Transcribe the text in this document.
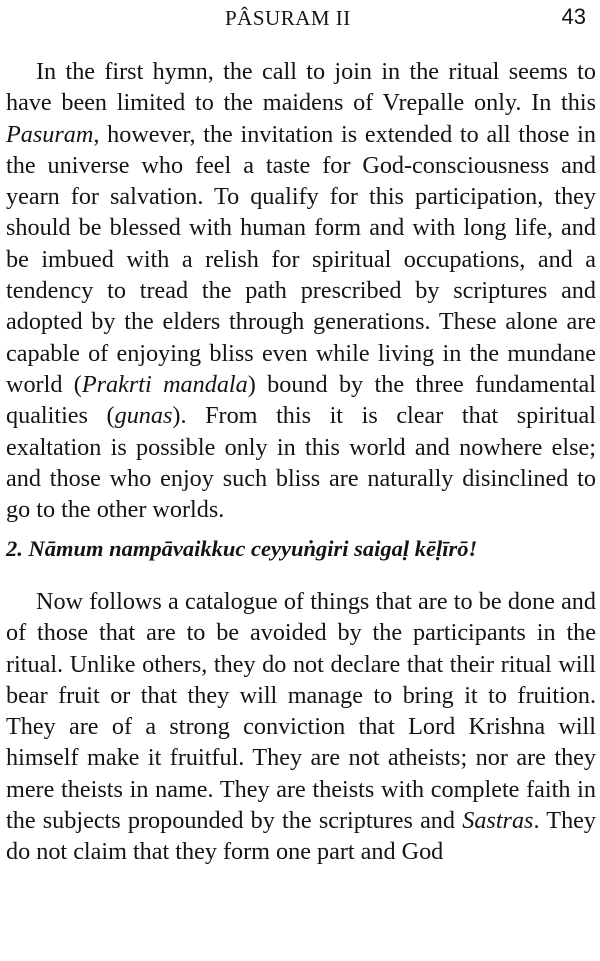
PÂSURAM II	43

In the first hymn, the call to join in the ritual seems to have been limited to the maidens of Vrepalle only. In this Pasuram, however, the invitation is extended to all those in the universe who feel a taste for God-consciousness and yearn for salvation. To qualify for this participation, they should be blessed with human form and with long life, and be imbued with a relish for spiritual occupations, and a tendency to tread the path prescribed by scriptures and adopted by the elders through generations. These alone are capable of enjoying bliss even while living in the mundane world (Prakrti mandala) bound by the three fundamental qualities (gunas). From this it is clear that spiritual exaltation is possible only in this world and nowhere else; and those who enjoy such bliss are naturally disinclined to go to the other worlds.

2. Nāmum nampāvaikkuc ceyyuṅgiri saigaḷ kēḷīrō!

Now follows a catalogue of things that are to be done and of those that are to be avoided by the participants in the ritual. Unlike others, they do not declare that their ritual will bear fruit or that they will manage to bring it to fruition. They are of a strong conviction that Lord Krishna will himself make it fruitful. They are not atheists; nor are they mere theists in name. They are theists with complete faith in the subjects propounded by the scriptures and Sastras. They do not claim that they form one part and God
